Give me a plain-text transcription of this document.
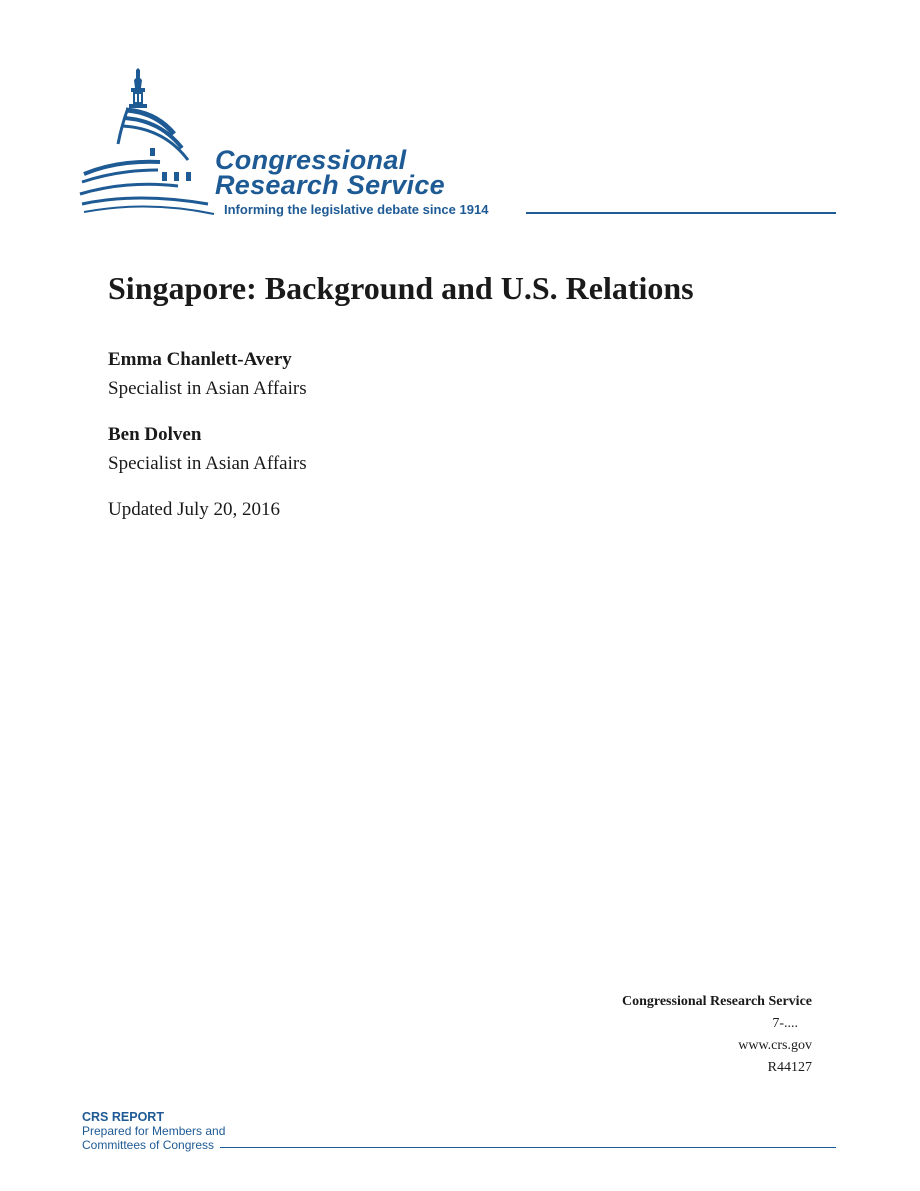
Congressional
Research Service
Informing the legislative debate since 1914
Singapore: Background and U.S. Relations
Emma Chanlett-Avery
Specialist in Asian Affairs
Ben Dolven
Specialist in Asian Affairs
Updated July 20, 2016
Congressional Research Service
7-....
www.crs.gov
R44127
CRS REPORT
Prepared for Members and
Committees of Congress
